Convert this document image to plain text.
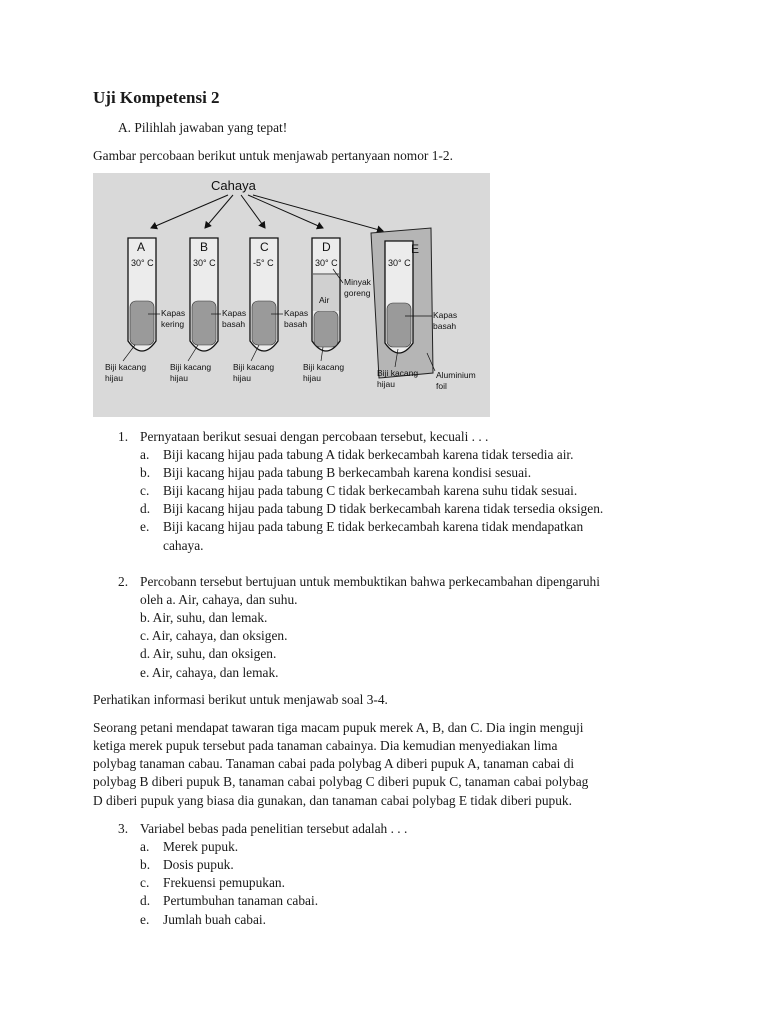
Uji Kompetensi 2
A. Pilihlah jawaban yang tepat!
Gambar percobaan berikut untuk menjawab pertanyaan nomor 1-2.
Cahaya
A	B	C	D	E
30° C	30° C	-5° C	30° C	30° C
Kapas
kering
Kapas
basah
Kapas
basah
Minyak
goreng
Air
Kapas
basah
Biji kacang
hijau
Biji kacang
hijau
Biji kacang
hijau
Biji kacang
hijau	Biji kacang
hijau
Aluminium
foil
1. Pernyataan berikut sesuai dengan percobaan tersebut, kecuali . . .
a. Biji kacang hijau pada tabung A tidak berkecambah karena tidak tersedia air.
b. Biji kacang hijau pada tabung B berkecambah karena kondisi sesuai.
c. Biji kacang hijau pada tabung C tidak berkecambah karena suhu tidak sesuai.
d. Biji kacang hijau pada tabung D tidak berkecambah karena tidak tersedia oksigen.
e. Biji kacang hijau pada tabung E tidak berkecambah karena tidak mendapatkan
cahaya.
2. Percobann tersebut bertujuan untuk membuktikan bahwa perkecambahan dipengaruhi
oleh a. Air, cahaya, dan suhu.
b. Air, suhu, dan lemak.
c. Air, cahaya, dan oksigen.
d. Air, suhu, dan oksigen.
e. Air, cahaya, dan lemak.
Perhatikan informasi berikut untuk menjawab soal 3-4.
Seorang petani mendapat tawaran tiga macam pupuk merek A, B, dan C. Dia ingin menguji
ketiga merek pupuk tersebut pada tanaman cabainya. Dia kemudian menyediakan lima
polybag tanaman cabau. Tanaman cabai pada polybag A diberi pupuk A, tanaman cabai di
polybag B diberi pupuk B, tanaman cabai polybag C diberi pupuk C, tanaman cabai polybag
D diberi pupuk yang biasa dia gunakan, dan tanaman cabai polybag E tidak diberi pupuk.
3. Variabel bebas pada penelitian tersebut adalah . . .
a. Merek pupuk.
b. Dosis pupuk.
c. Frekuensi pemupukan.
d. Pertumbuhan tanaman cabai.
e. Jumlah buah cabai.
